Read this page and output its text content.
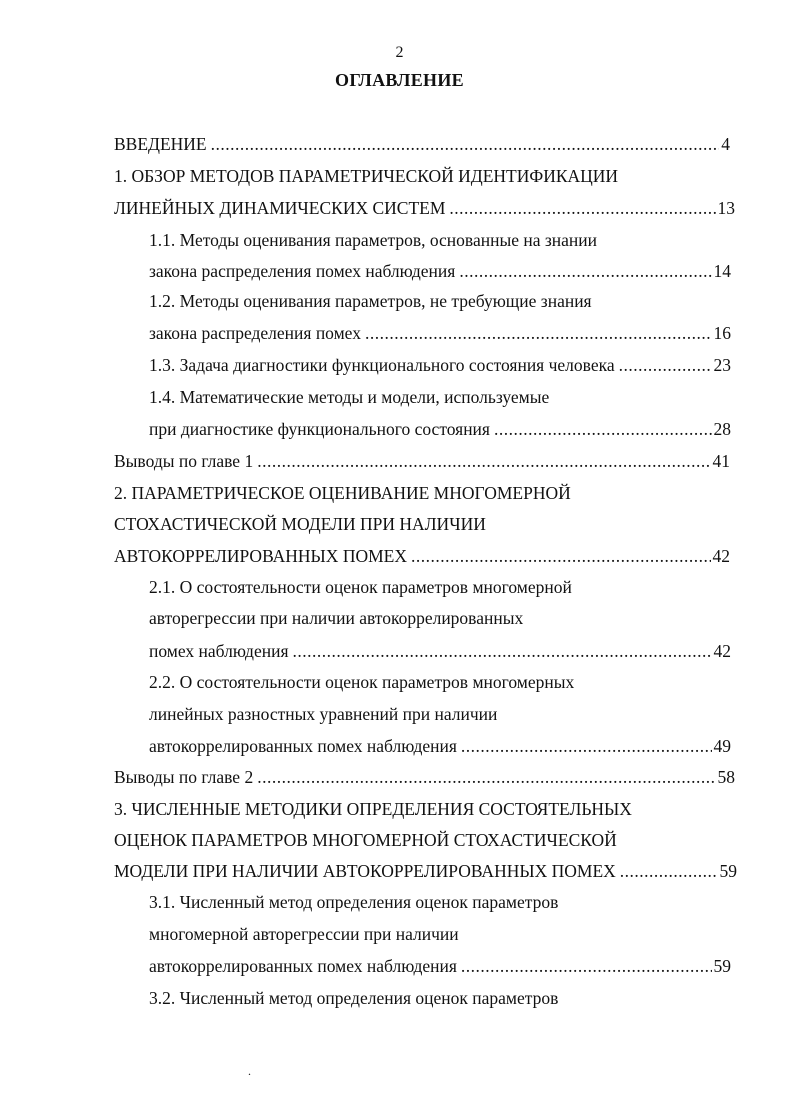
2
ОГЛАВЛЕНИЕ
ВВЕДЕНИЕ .....	4
1. ОБЗОР МЕТОДОВ ПАРАМЕТРИЧЕСКОЙ ИДЕНТИФИКАЦИИ
ЛИНЕЙНЫХ ДИНАМИЧЕСКИХ СИСТЕМ .....	13
1.1. Методы оценивания параметров, основанные на знании
закона распределения помех наблюдения .....	14
1.2. Методы оценивания параметров, не требующие знания
закона распределения помех .....	16
1.3. Задача диагностики функционального состояния человека .....	23
1.4. Математические методы и модели, используемые
при диагностике функционального состояния .....	28
Выводы по главе 1 .....	41
2. ПАРАМЕТРИЧЕСКОЕ ОЦЕНИВАНИЕ МНОГОМЕРНОЙ
СТОХАСТИЧЕСКОЙ МОДЕЛИ ПРИ НАЛИЧИИ
АВТОКОРРЕЛИРОВАННЫХ ПОМЕХ .....	42
2.1. О состоятельности оценок параметров многомерной
авторегрессии при наличии автокоррелированных
помех наблюдения .....	42
2.2. О состоятельности оценок параметров многомерных
линейных разностных уравнений при наличии
автокоррелированных помех наблюдения .....	49
Выводы по главе 2 .....	58
3. ЧИСЛЕННЫЕ МЕТОДИКИ ОПРЕДЕЛЕНИЯ СОСТОЯТЕЛЬНЫХ
ОЦЕНОК ПАРАМЕТРОВ МНОГОМЕРНОЙ СТОХАСТИЧЕСКОЙ
МОДЕЛИ ПРИ НАЛИЧИИ АВТОКОРРЕЛИРОВАННЫХ ПОМЕХ .....	59
3.1. Численный метод определения оценок параметров
многомерной авторегрессии при наличии
автокоррелированных помех наблюдения .....	59
3.2. Численный метод определения оценок параметров
.
